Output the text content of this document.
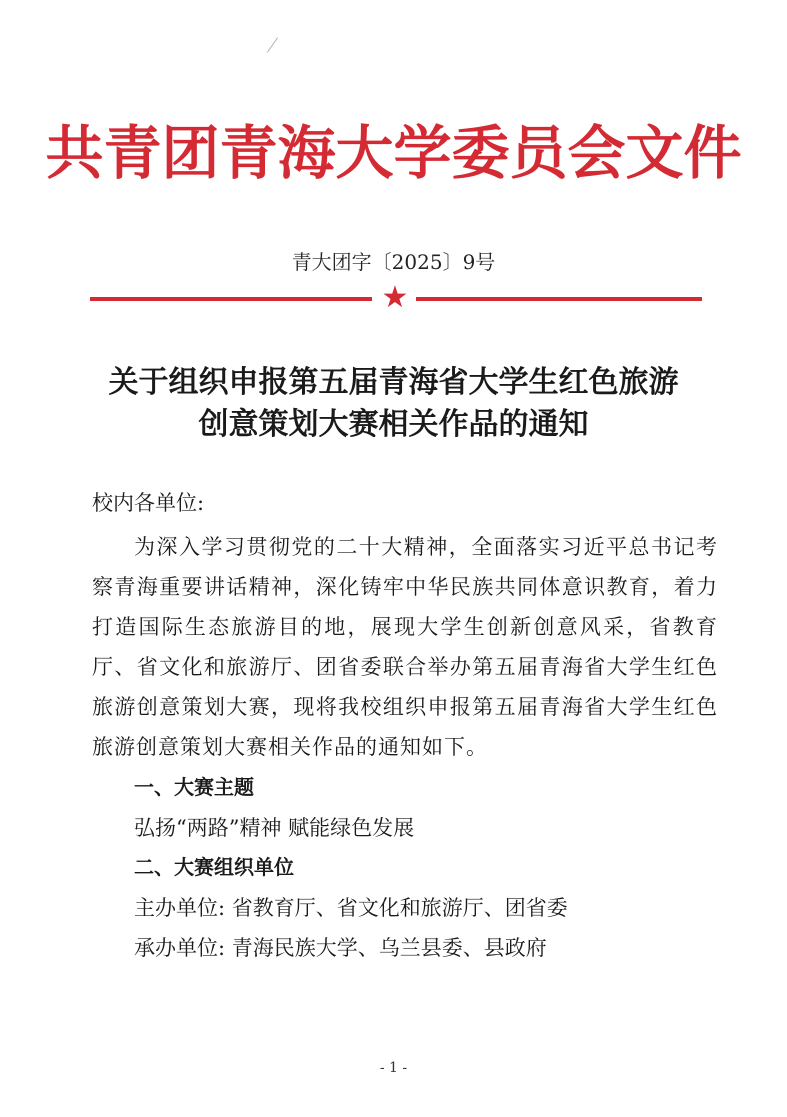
共青团青海大学委员会文件
青大团字〔2025〕9号
★
关于组织申报第五届青海省大学生红色旅游
创意策划大赛相关作品的通知
校内各单位:

为深入学习贯彻党的二十大精神，全面落实习近平总书记考察青海重要讲话精神，深化铸牢中华民族共同体意识教育，着力打造国际生态旅游目的地，展现大学生创新创意风采，省教育厅、省文化和旅游厅、团省委联合举办第五届青海省大学生红色旅游创意策划大赛，现将我校组织申报第五届青海省大学生红色旅游创意策划大赛相关作品的通知如下。

一、大赛主题
弘扬“两路”精神 赋能绿色发展
二、大赛组织单位
主办单位: 省教育厅、省文化和旅游厅、团省委
承办单位: 青海民族大学、乌兰县委、县政府
- 1 -
